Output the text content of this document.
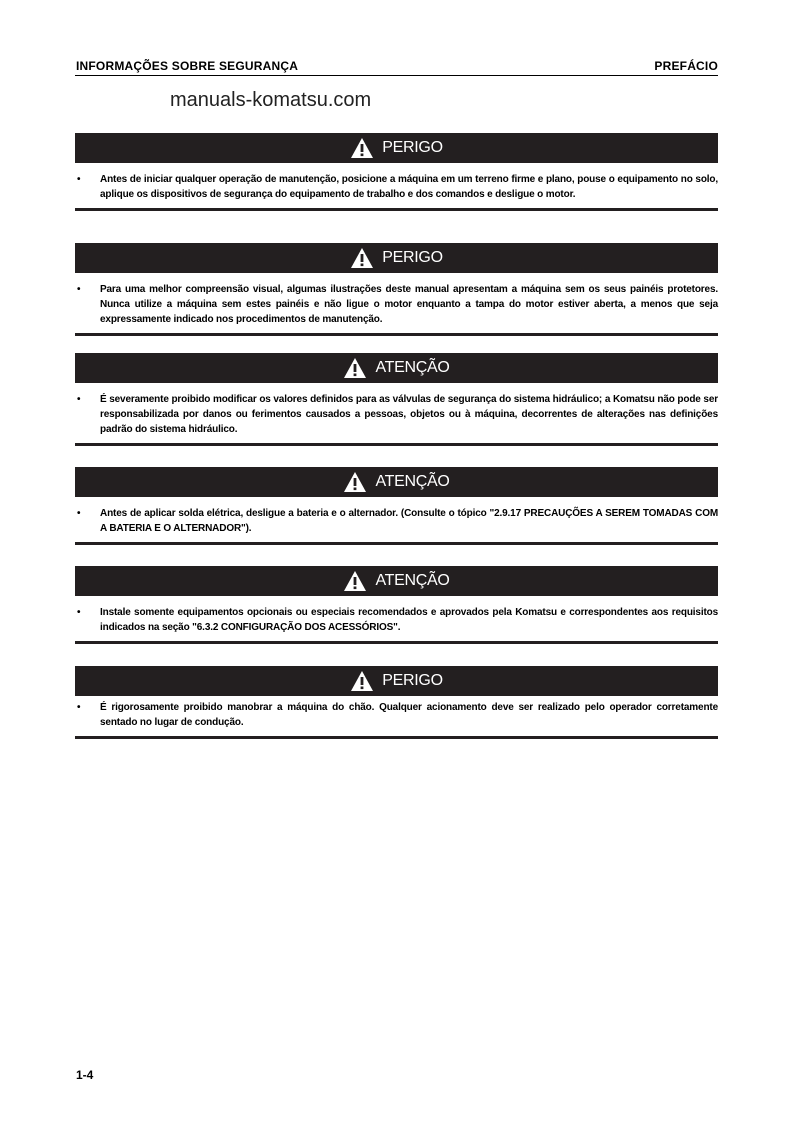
INFORMAÇÕES SOBRE SEGURANÇA	PREFÁCIO
manuals-komatsu.com
PERIGO
•	Antes de iniciar qualquer operação de manutenção, posicione a máquina em um terreno firme e plano, pouse o equipamento no solo, aplique os dispositivos de segurança do equipamento de trabalho e dos comandos e desligue o motor.
PERIGO
•	Para uma melhor compreensão visual, algumas ilustrações deste manual apresentam a máquina sem os seus painéis protetores. Nunca utilize a máquina sem estes painéis e não ligue o motor enquanto a tampa do motor estiver aberta, a menos que seja expressamente indicado nos procedimentos de manutenção.
ATENÇÃO
•	É severamente proibido modificar os valores definidos para as válvulas de segurança do sistema hidráulico; a Komatsu não pode ser responsabilizada por danos ou ferimentos causados a pessoas, objetos ou à máquina, decorrentes de alterações nas definições padrão do sistema hidráulico.
ATENÇÃO
•	Antes de aplicar solda elétrica, desligue a bateria e o alternador. (Consulte o tópico "2.9.17 PRECAUÇÕES A SEREM TOMADAS COM A BATERIA E O ALTERNADOR").
ATENÇÃO
•	Instale somente equipamentos opcionais ou especiais recomendados e aprovados pela Komatsu e correspondentes aos requisitos indicados na seção "6.3.2 CONFIGURAÇÃO DOS ACESSÓRIOS".
PERIGO
•	É rigorosamente proibido manobrar a máquina do chão. Qualquer acionamento deve ser realizado pelo operador corretamente sentado no lugar de condução.
1-4
